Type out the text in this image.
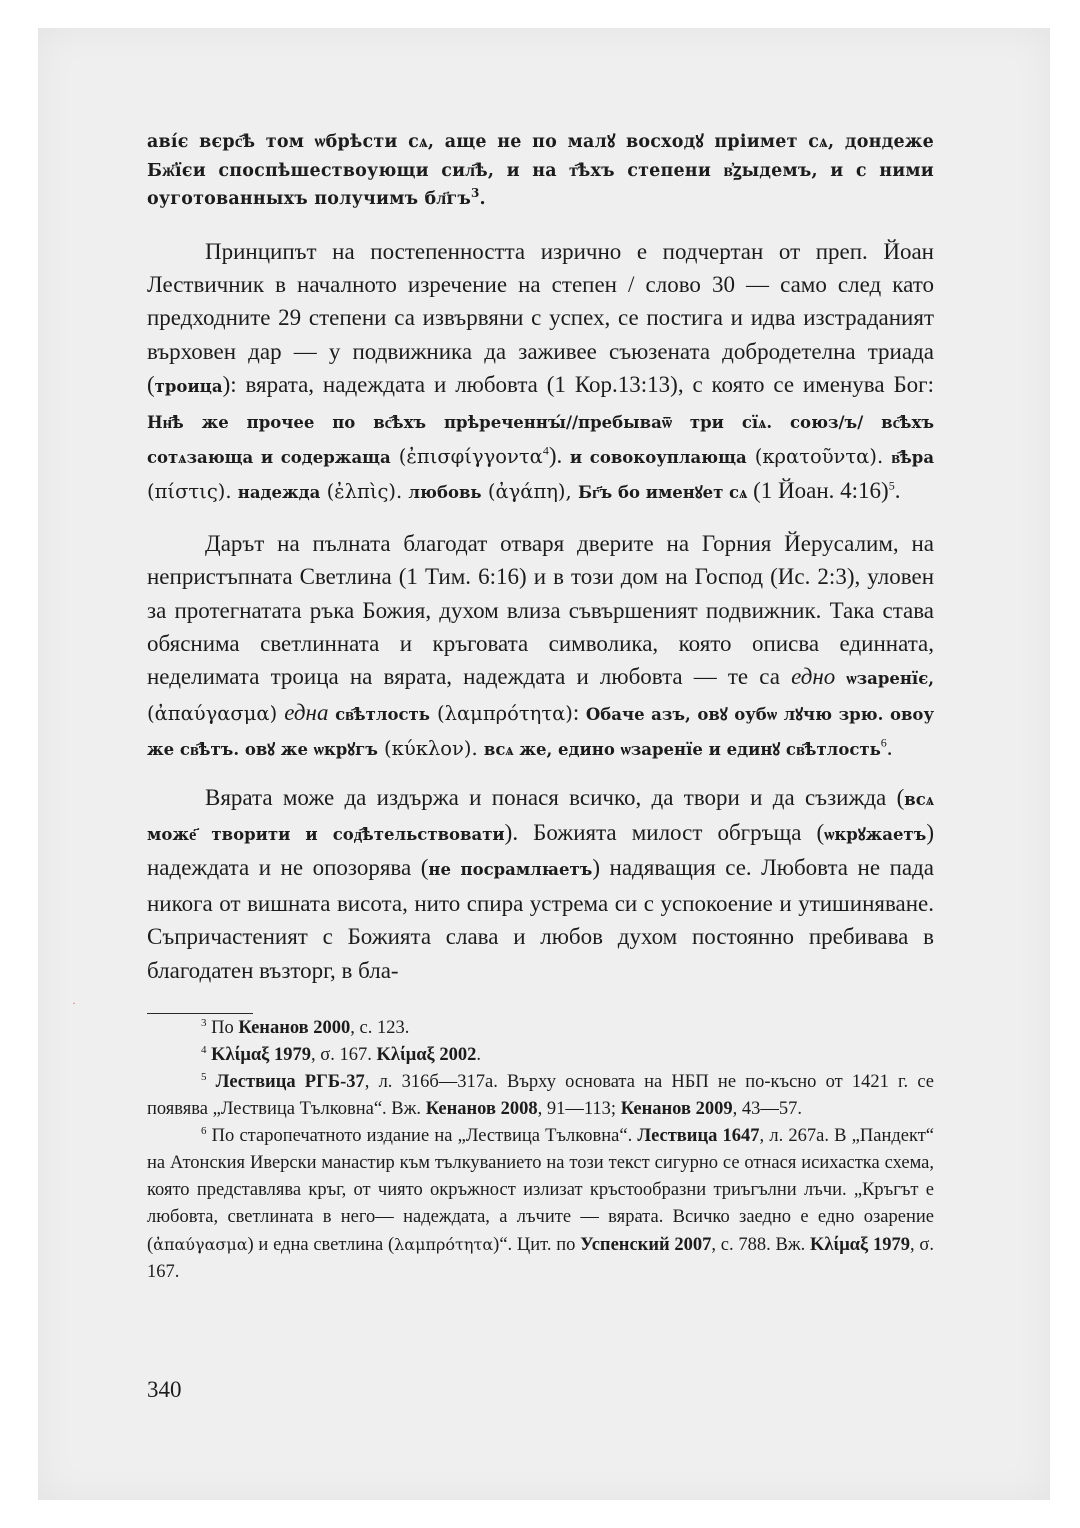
·

аві́є вєрс҄ѣ том ѡбрѣсти сѧ, аще не по малꙋ восходꙋ пріимет сѧ, дондеже Бж҃їєи споспѣшествоующи сил҄ѣ, и на т҄ѣхъ степени в҆ꙁыдемъ, и с ними оуготованныхъ получимъ $бл҃гъ^3$.

Принципът на постепенността изрично е подчертан от преп. Йоан Лествичник в началното изречение на степен / слово 30 — само след като предходните 29 степени са извървяни с успех, се постига и идва изстраданият върховен дар — у подвижника да заживее съюзената добродетелна триада (троица): вярата, надеждата и любовта (1 Кор.13:13), с която се именува Бог: Нн҃ѣ же прочее по вс҄ѣхъ прѣреченнꙑ́//пребываѿ три сїѧ. союз/ъ/ вс҄ѣхъ сотѧзающа и содержаща (ἐπισφίγγοντα$^4$). и совокоуплающа (κρατοῦντα). в҄ѣра (πίστις). надежда (ἐλπὶς). любовь (ἀγάπη), Бг҃ъ бо именꙋет сѧ (1 Йоан. 4:16)$^5$.

Дарът на пълната благодат отваря дверите на Горния Йерусалим, на непристъпната Светлина (1 Тим. 6:16) и в този дом на Господ (Ис. 2:3), уловен за протегнатата ръка Божия, духом влиза съвършеният подвижник. Така става обяснима светлинната и кръговата символика, която описва единната, неделимата троица на вярата, надеждата и любовта — те са едно ѡзаренїє, (ἀπαύγασμα) една св҄ѣтлость (λαμπρότητα): Обаче азъ, овꙋ оубѡ лꙋчю зрю. овоу же св҄ѣтъ. овꙋ же ѡкрꙋгъ (κύκλον). всѧ же, едино ѡзаренїе и единꙋ св҄ѣтлость$^6$.

Вярата може да издържа и понася всичко, да твори и да съзижда (всѧ може҃ творити и сод҄ѣтельствовати). Божията милост обгръща (ѡкрꙋжаетъ) надеждата и не опозорява (не посрамлꙗетъ) надяващия се. Любовта не пада никога от вишната висота, нито спира устрема си с успокоение и утишиняване. Съпричастеният с Божията слава и любов духом постоянно пребивава в благодатен възторг, в бла-

$^3$ По Кенанов 2000, с. 123.

$^4$ Κλίμαξ 1979, σ. 167. Κλίμαξ 2002.

$^5$ Лествица РГБ-37, л. 316б—317а. Върху основата на НБП не по-късно от 1421 г. се появява „Лествица Тълковна“. Вж. Кенанов 2008, 91—113; Кенанов 2009, 43—57.

$^6$ По старопечатното издание на „Лествица Тълковна“. Лествица 1647, л. 267а. В „Пандект“ на Атонския Иверски манастир към тълкуванието на този текст сигурно се отнася исихастка схема, която представлява кръг, от чиято окръжност излизат кръстообразни триъгълни лъчи. „Кръгът е любовта, светлината в него— надеждата, а лъчите — вярата. Всичко заедно е едно озарение (ἀπαύγασμα) и една светлина (λαμπρότητα)“. Цит. по Успенский 2007, с. 788. Вж. Κλίμαξ 1979, σ. 167.

340
